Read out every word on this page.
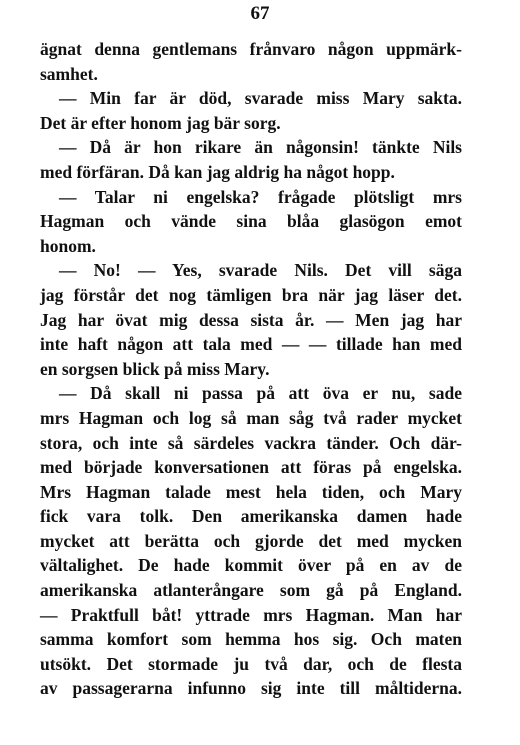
67
ägnat denna gentlemans frånvaro någon uppmärk-
samhet.
— Min far är död, svarade miss Mary sakta.
Det är efter honom jag bär sorg.
— Då är hon rikare än någonsin! tänkte Nils
med förfäran. Då kan jag aldrig ha något hopp.
— Talar ni engelska? frågade plötsligt mrs
Hagman och vände sina blåa glasögon emot
honom.
— No! — Yes, svarade Nils. Det vill säga
jag förstår det nog tämligen bra när jag läser det.
Jag har övat mig dessa sista år. — Men jag har
inte haft någon att tala med — — tillade han med
en sorgsen blick på miss Mary.
— Då skall ni passa på att öva er nu, sade
mrs Hagman och log så man såg två rader mycket
stora, och inte så särdeles vackra tänder. Och där-
med började konversationen att föras på engelska.
Mrs Hagman talade mest hela tiden, och Mary
fick vara tolk. Den amerikanska damen hade
mycket att berätta och gjorde det med mycken
vältalighet. De hade kommit över på en av de
amerikanska atlanterångare som gå på England.
— Praktfull båt! yttrade mrs Hagman. Man har
samma komfort som hemma hos sig. Och maten
utsökt. Det stormade ju två dar, och de flesta
av passagerarna infunno sig inte till måltiderna.
